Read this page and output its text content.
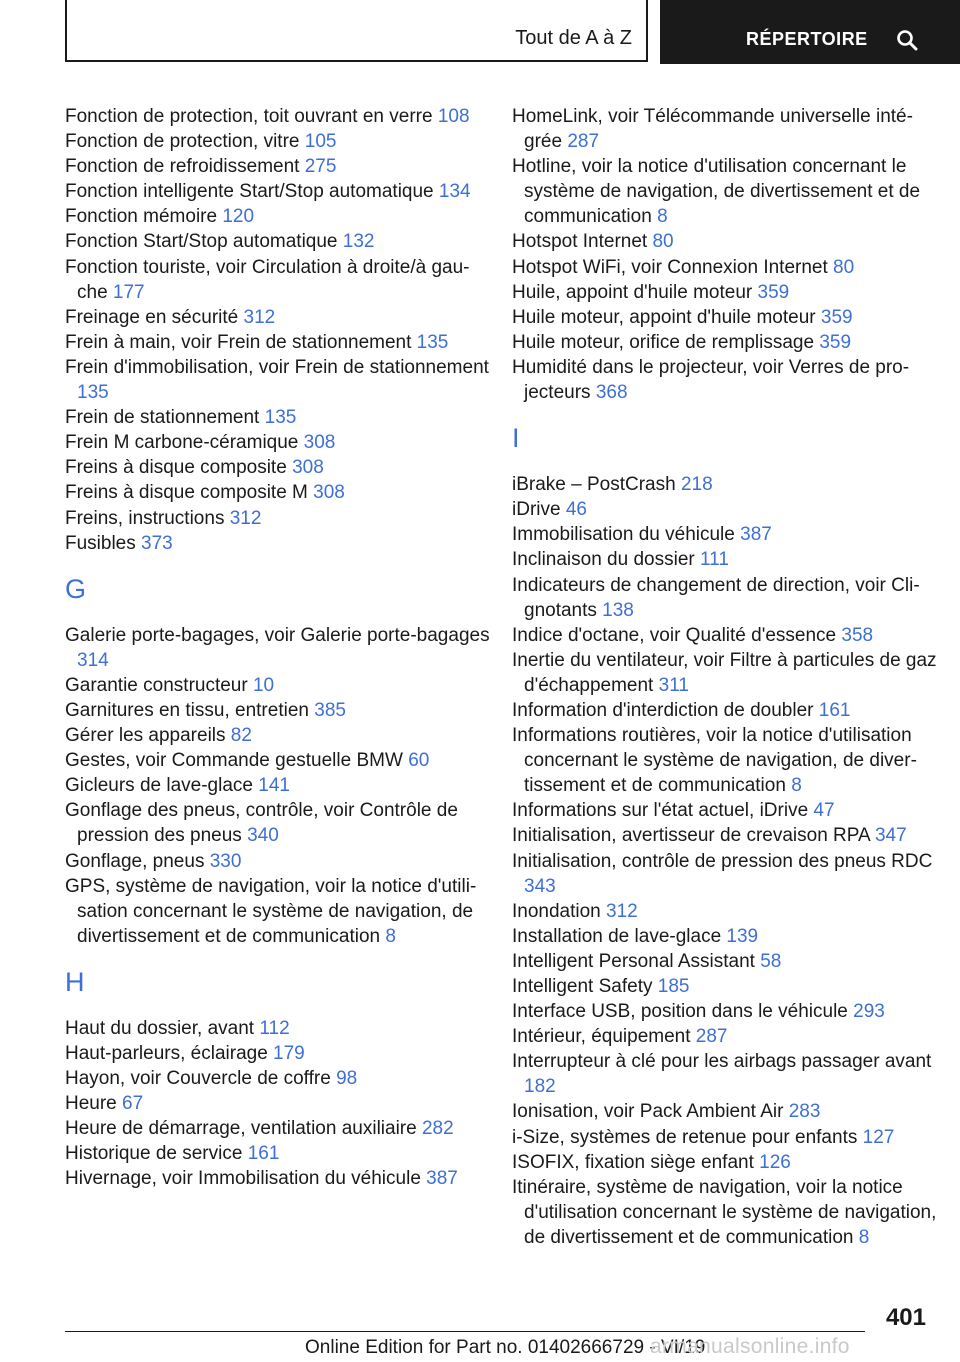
Tout de A à Z	RÉPERTOIRE

Fonction de protection, toit ouvrant en verre 108

Fonction de protection, vitre 105

Fonction de refroidissement 275

Fonction intelligente Start/Stop automatique 134

Fonction mémoire 120

Fonction Start/Stop automatique 132

Fonction touriste, voir Circulation à droite/à gauche 177

Freinage en sécurité 312

Frein à main, voir Frein de stationnement 135

Frein d'immobilisation, voir Frein de stationnement 135

Frein de stationnement 135

Frein M carbone-céramique 308

Freins à disque composite 308

Freins à disque composite M 308

Freins, instructions 312

Fusibles 373

G

Galerie porte-bagages, voir Galerie porte-bagages 314

Garantie constructeur 10

Garnitures en tissu, entretien 385

Gérer les appareils 82

Gestes, voir Commande gestuelle BMW 60

Gicleurs de lave-glace 141

Gonflage des pneus, contrôle, voir Contrôle de pression des pneus 340

Gonflage, pneus 330

GPS, système de navigation, voir la notice d'utilisation concernant le système de navigation, de divertissement et de communication 8

H

Haut du dossier, avant 112

Haut-parleurs, éclairage 179

Hayon, voir Couvercle de coffre 98

Heure 67

Heure de démarrage, ventilation auxiliaire 282

Historique de service 161

Hivernage, voir Immobilisation du véhicule 387

HomeLink, voir Télécommande universelle intégrée 287

Hotline, voir la notice d'utilisation concernant le système de navigation, de divertissement et de communication 8

Hotspot Internet 80

Hotspot WiFi, voir Connexion Internet 80

Huile, appoint d'huile moteur 359

Huile moteur, appoint d'huile moteur 359

Huile moteur, orifice de remplissage 359

Humidité dans le projecteur, voir Verres de projecteurs 368

I

iBrake – PostCrash 218

iDrive 46

Immobilisation du véhicule 387

Inclinaison du dossier 111

Indicateurs de changement de direction, voir Clignotants 138

Indice d'octane, voir Qualité d'essence 358

Inertie du ventilateur, voir Filtre à particules de gaz d'échappement 311

Information d'interdiction de doubler 161

Informations routières, voir la notice d'utilisation concernant le système de navigation, de divertissement et de communication 8

Informations sur l'état actuel, iDrive 47

Initialisation, avertisseur de crevaison RPA 347

Initialisation, contrôle de pression des pneus RDC 343

Inondation 312

Installation de lave-glace 139

Intelligent Personal Assistant 58

Intelligent Safety 185

Interface USB, position dans le véhicule 293

Intérieur, équipement 287

Interrupteur à clé pour les airbags passager avant 182

Ionisation, voir Pack Ambient Air 283

i-Size, systèmes de retenue pour enfants 127

ISOFIX, fixation siège enfant 126

Itinéraire, système de navigation, voir la notice d'utilisation concernant le système de navigation, de divertissement et de communication 8

401
Online Edition for Part no. 01402666729 - VI/19
armanualsonline.info
